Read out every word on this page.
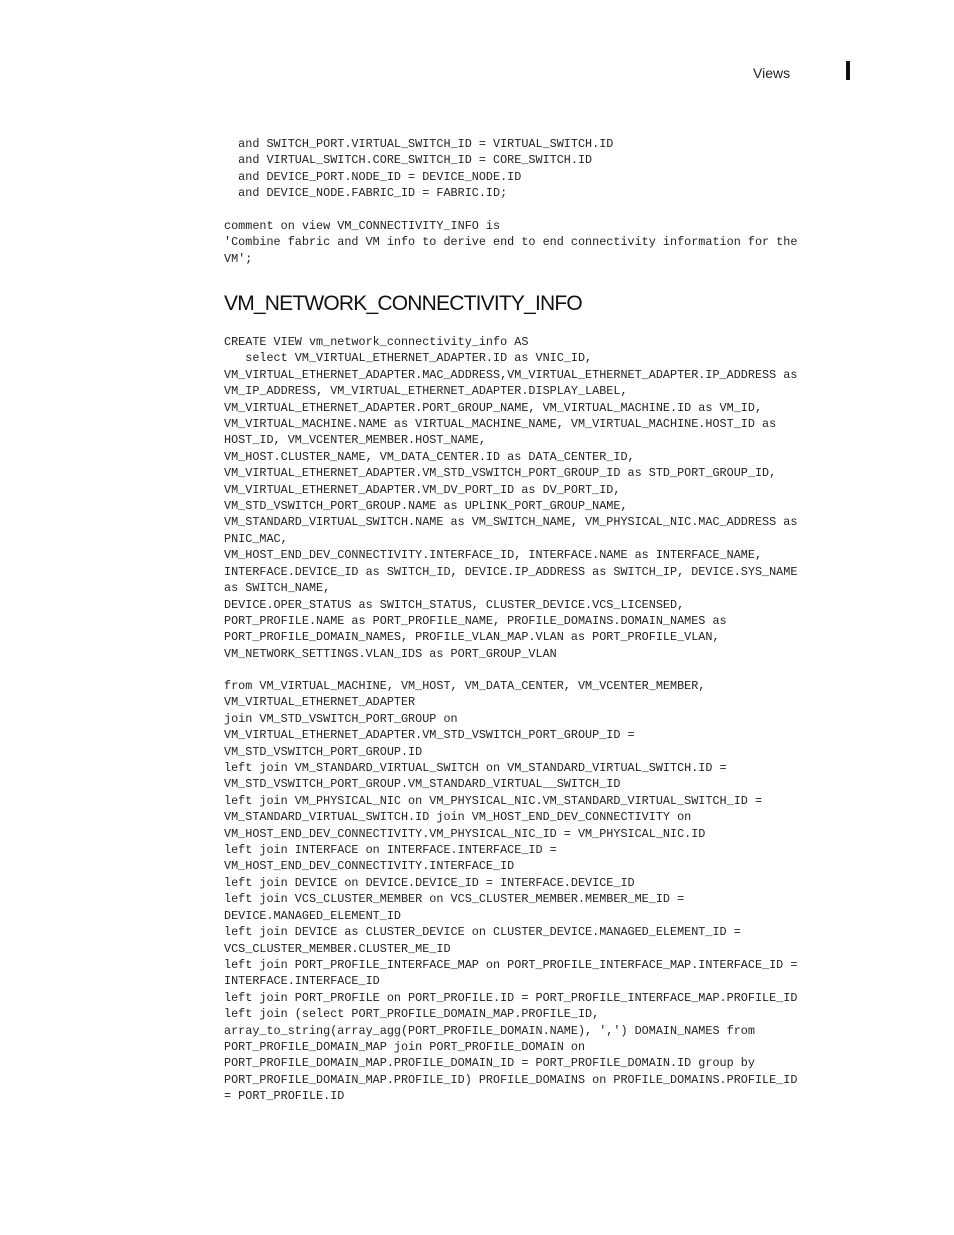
Views
and SWITCH_PORT.VIRTUAL_SWITCH_ID = VIRTUAL_SWITCH.ID
and VIRTUAL_SWITCH.CORE_SWITCH_ID = CORE_SWITCH.ID
and DEVICE_PORT.NODE_ID = DEVICE_NODE.ID
and DEVICE_NODE.FABRIC_ID = FABRIC.ID;
comment on view VM_CONNECTIVITY_INFO is
'Combine fabric and VM info to derive end to end connectivity information for the
VM';
VM_NETWORK_CONNECTIVITY_INFO
CREATE VIEW vm_network_connectivity_info AS
select VM_VIRTUAL_ETHERNET_ADAPTER.ID as VNIC_ID,
VM_VIRTUAL_ETHERNET_ADAPTER.MAC_ADDRESS,VM_VIRTUAL_ETHERNET_ADAPTER.IP_ADDRESS as
VM_IP_ADDRESS, VM_VIRTUAL_ETHERNET_ADAPTER.DISPLAY_LABEL,
VM_VIRTUAL_ETHERNET_ADAPTER.PORT_GROUP_NAME, VM_VIRTUAL_MACHINE.ID as VM_ID,
VM_VIRTUAL_MACHINE.NAME as VIRTUAL_MACHINE_NAME, VM_VIRTUAL_MACHINE.HOST_ID as
HOST_ID, VM_VCENTER_MEMBER.HOST_NAME,
VM_HOST.CLUSTER_NAME, VM_DATA_CENTER.ID as DATA_CENTER_ID,
VM_VIRTUAL_ETHERNET_ADAPTER.VM_STD_VSWITCH_PORT_GROUP_ID as STD_PORT_GROUP_ID,
VM_VIRTUAL_ETHERNET_ADAPTER.VM_DV_PORT_ID as DV_PORT_ID,
VM_STD_VSWITCH_PORT_GROUP.NAME as UPLINK_PORT_GROUP_NAME,
VM_STANDARD_VIRTUAL_SWITCH.NAME as VM_SWITCH_NAME, VM_PHYSICAL_NIC.MAC_ADDRESS as
PNIC_MAC,
VM_HOST_END_DEV_CONNECTIVITY.INTERFACE_ID, INTERFACE.NAME as INTERFACE_NAME,
INTERFACE.DEVICE_ID as SWITCH_ID, DEVICE.IP_ADDRESS as SWITCH_IP, DEVICE.SYS_NAME
as SWITCH_NAME,
DEVICE.OPER_STATUS as SWITCH_STATUS, CLUSTER_DEVICE.VCS_LICENSED,
PORT_PROFILE.NAME as PORT_PROFILE_NAME, PROFILE_DOMAINS.DOMAIN_NAMES as
PORT_PROFILE_DOMAIN_NAMES, PROFILE_VLAN_MAP.VLAN as PORT_PROFILE_VLAN,
VM_NETWORK_SETTINGS.VLAN_IDS as PORT_GROUP_VLAN
from VM_VIRTUAL_MACHINE, VM_HOST, VM_DATA_CENTER, VM_VCENTER_MEMBER,
VM_VIRTUAL_ETHERNET_ADAPTER
join VM_STD_VSWITCH_PORT_GROUP on
VM_VIRTUAL_ETHERNET_ADAPTER.VM_STD_VSWITCH_PORT_GROUP_ID =
VM_STD_VSWITCH_PORT_GROUP.ID
left join VM_STANDARD_VIRTUAL_SWITCH on VM_STANDARD_VIRTUAL_SWITCH.ID =
VM_STD_VSWITCH_PORT_GROUP.VM_STANDARD_VIRTUAL__SWITCH_ID
left join VM_PHYSICAL_NIC on VM_PHYSICAL_NIC.VM_STANDARD_VIRTUAL_SWITCH_ID =
VM_STANDARD_VIRTUAL_SWITCH.ID join VM_HOST_END_DEV_CONNECTIVITY on
VM_HOST_END_DEV_CONNECTIVITY.VM_PHYSICAL_NIC_ID = VM_PHYSICAL_NIC.ID
left join INTERFACE on INTERFACE.INTERFACE_ID =
VM_HOST_END_DEV_CONNECTIVITY.INTERFACE_ID
left join DEVICE on DEVICE.DEVICE_ID = INTERFACE.DEVICE_ID
left join VCS_CLUSTER_MEMBER on VCS_CLUSTER_MEMBER.MEMBER_ME_ID =
DEVICE.MANAGED_ELEMENT_ID
left join DEVICE as CLUSTER_DEVICE on CLUSTER_DEVICE.MANAGED_ELEMENT_ID =
VCS_CLUSTER_MEMBER.CLUSTER_ME_ID
left join PORT_PROFILE_INTERFACE_MAP on PORT_PROFILE_INTERFACE_MAP.INTERFACE_ID =
INTERFACE.INTERFACE_ID
left join PORT_PROFILE on PORT_PROFILE.ID = PORT_PROFILE_INTERFACE_MAP.PROFILE_ID
left join (select PORT_PROFILE_DOMAIN_MAP.PROFILE_ID,
array_to_string(array_agg(PORT_PROFILE_DOMAIN.NAME), ',') DOMAIN_NAMES from
PORT_PROFILE_DOMAIN_MAP join PORT_PROFILE_DOMAIN on
PORT_PROFILE_DOMAIN_MAP.PROFILE_DOMAIN_ID = PORT_PROFILE_DOMAIN.ID group by
PORT_PROFILE_DOMAIN_MAP.PROFILE_ID) PROFILE_DOMAINS on PROFILE_DOMAINS.PROFILE_ID
= PORT_PROFILE.ID
